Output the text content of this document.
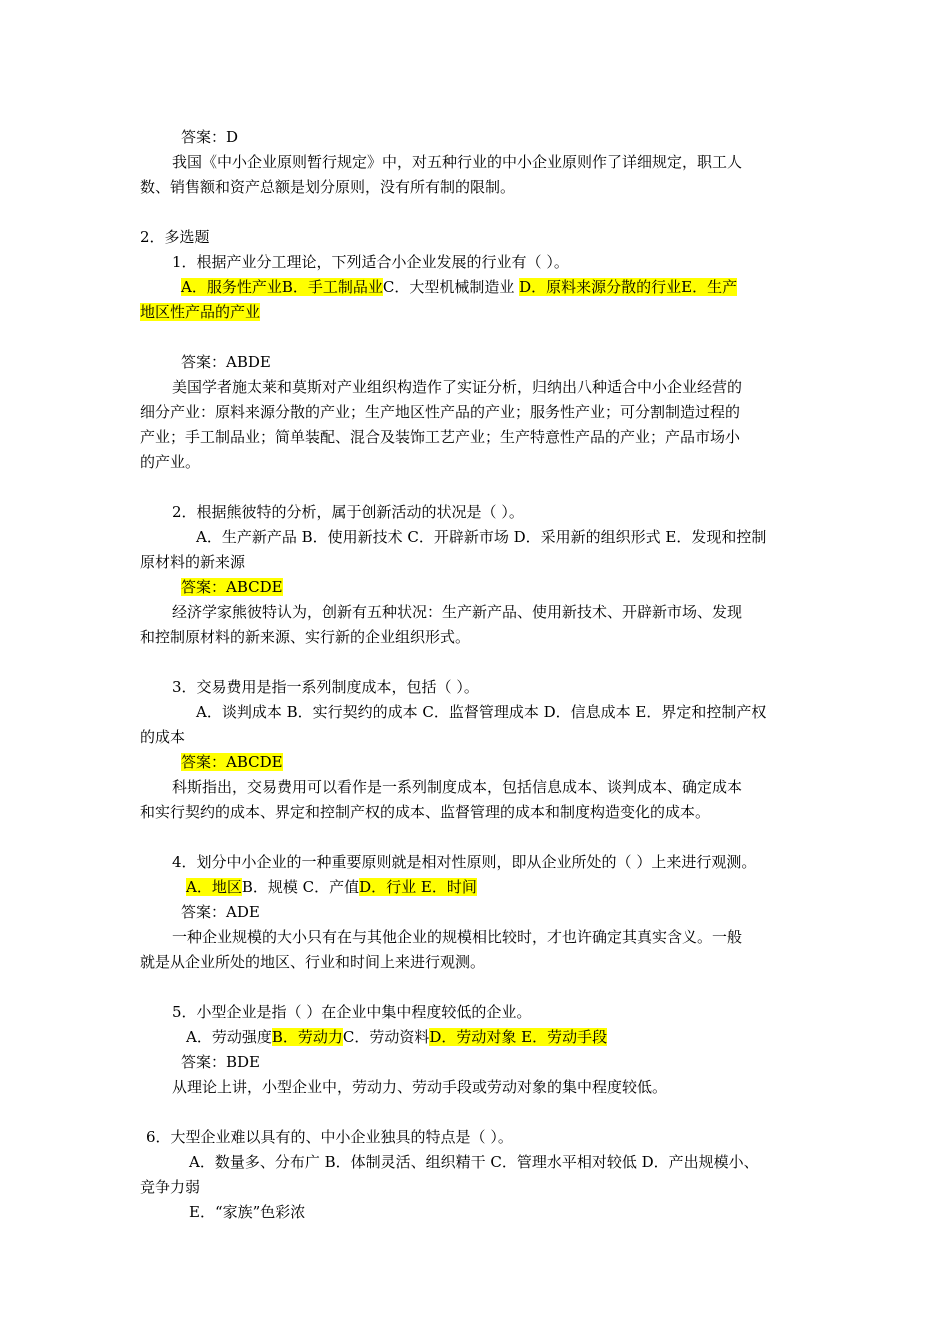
答案：D
我国《中小企业原则暂行规定》中，对五种行业的中小企业原则作了详细规定，职工人
数、销售额和资产总额是划分原则，没有所有制的限制。
2．多选题
1．根据产业分工理论，下列适合小企业发展的行业有（ ）。
A．服务性产业B．手工制品业C．大型机械制造业 D．原料来源分散的行业E．生产
地区性产品的产业
答案：ABDE
美国学者施太莱和莫斯对产业组织构造作了实证分析，归纳出八种适合中小企业经营的
细分产业：原料来源分散的产业；生产地区性产品的产业；服务性产业；可分割制造过程的
产业；手工制品业；简单装配、混合及装饰工艺产业；生产特意性产品的产业；产品市场小
的产业。
2．根据熊彼特的分析，属于创新活动的状况是（ ）。
A．生产新产品 B．使用新技术 C．开辟新市场 D．采用新的组织形式 E．发现和控制
原材料的新来源
答案：ABCDE
经济学家熊彼特认为，创新有五种状况：生产新产品、使用新技术、开辟新市场、发现
和控制原材料的新来源、实行新的企业组织形式。
3．交易费用是指一系列制度成本，包括（ ）。
A．谈判成本 B．实行契约的成本 C．监督管理成本 D．信息成本 E．界定和控制产权
的成本
答案：ABCDE
科斯指出，交易费用可以看作是一系列制度成本，包括信息成本、谈判成本、确定成本
和实行契约的成本、界定和控制产权的成本、监督管理的成本和制度构造变化的成本。
4．划分中小企业的一种重要原则就是相对性原则，即从企业所处的（ ）上来进行观测。
A．地区B．规模 C．产值D．行业 E．时间
答案：ADE
一种企业规模的大小只有在与其他企业的规模相比较时，才也许确定其真实含义。一般
就是从企业所处的地区、行业和时间上来进行观测。
5．小型企业是指（ ）在企业中集中程度较低的企业。
A．劳动强度B．劳动力C．劳动资料D．劳动对象 E．劳动手段
答案：BDE
从理论上讲，小型企业中，劳动力、劳动手段或劳动对象的集中程度较低。
6．大型企业难以具有的、中小企业独具的特点是（ ）。
A．数量多、分布广 B．体制灵活、组织精干 C．管理水平相对较低 D．产出规模小、
竞争力弱
E．“家族”色彩浓
